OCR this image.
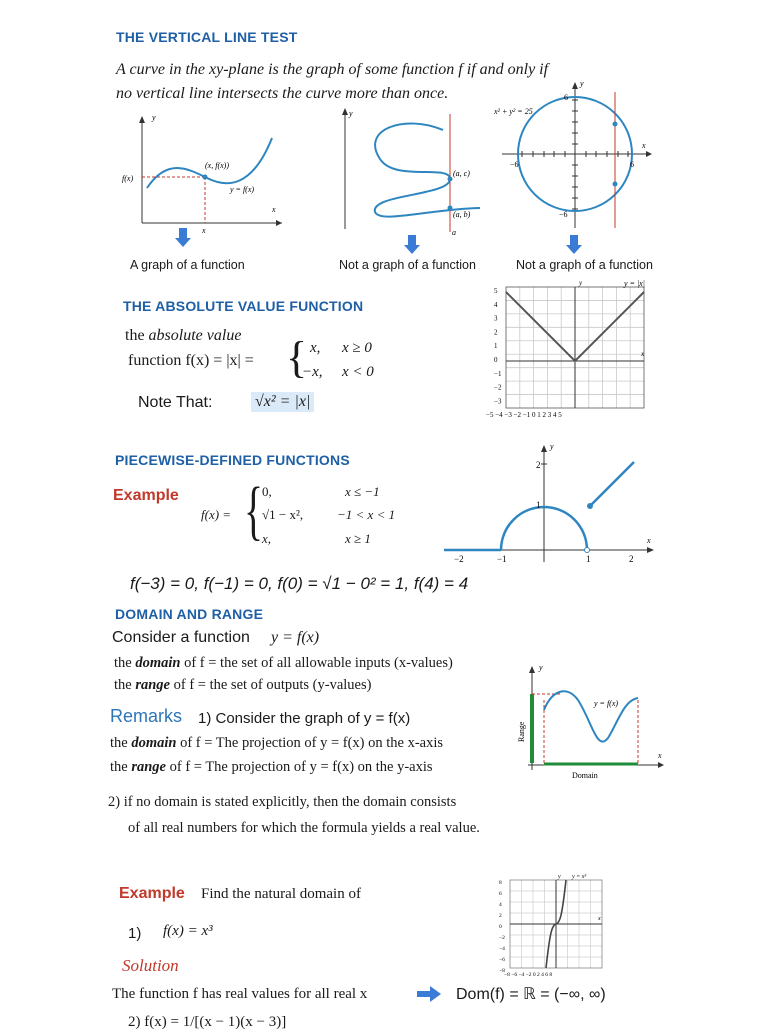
THE VERTICAL LINE TEST
A curve in the xy-plane is the graph of some function f if and only if
no vertical line intersects the curve more than once.
y
x
f(x)
(x, f(x))
y = f(x)
x
y
(a, c)
(a, b)
a
x² + y² = 25
y
x
6
−6	6
−6
A graph of a function	Not a graph of a function	Not a graph of a function
THE ABSOLUTE VALUE FUNCTION
the absolute value
function f(x) = |x| = { x, x ≥ 0
−x, x < 0
Note That:	√x² = |x|
y = |x|
y
x
5
4
3
2
1
0
−1
−2
−3
−5 −4 −3 −2 −1 0 1 2 3 4 5
PIECEWISE-DEFINED FUNCTIONS
Example
f(x) = {
0,	x ≤ −1
√1 − x²,	−1 < x < 1
x,	x ≥ 1
y
x
2
1
−2	−1	1	2
f(−3) = 0, f(−1) = 0, f(0) = √1 − 0² = 1, f(4) = 4
DOMAIN AND RANGE
Consider a function y = f(x)
the domain of f = the set of all allowable inputs (x-values)
the range of f = the set of outputs (y-values)
Remarks 1) Consider the graph of y = f(x)
the domain of f = The projection of y = f(x) on the x-axis
the range of f = The projection of y = f(x) on the y-axis
2) if no domain is stated explicitly, then the domain consists
of all real numbers for which the formula yields a real value.
y
x
y = f(x)
Range
Domain
Example Find the natural domain of
1) f(x) = x³
Solution
The function f has real values for all real x	Dom(f) = ℝ = (−∞, ∞)
2) f(x) = 1/[(x − 1)(x − 3)]
y = x³
y
x
8
6
4
2
0
−2
−4
−6
−8
−8 −6 −4 −2 0 2 4 6 8
